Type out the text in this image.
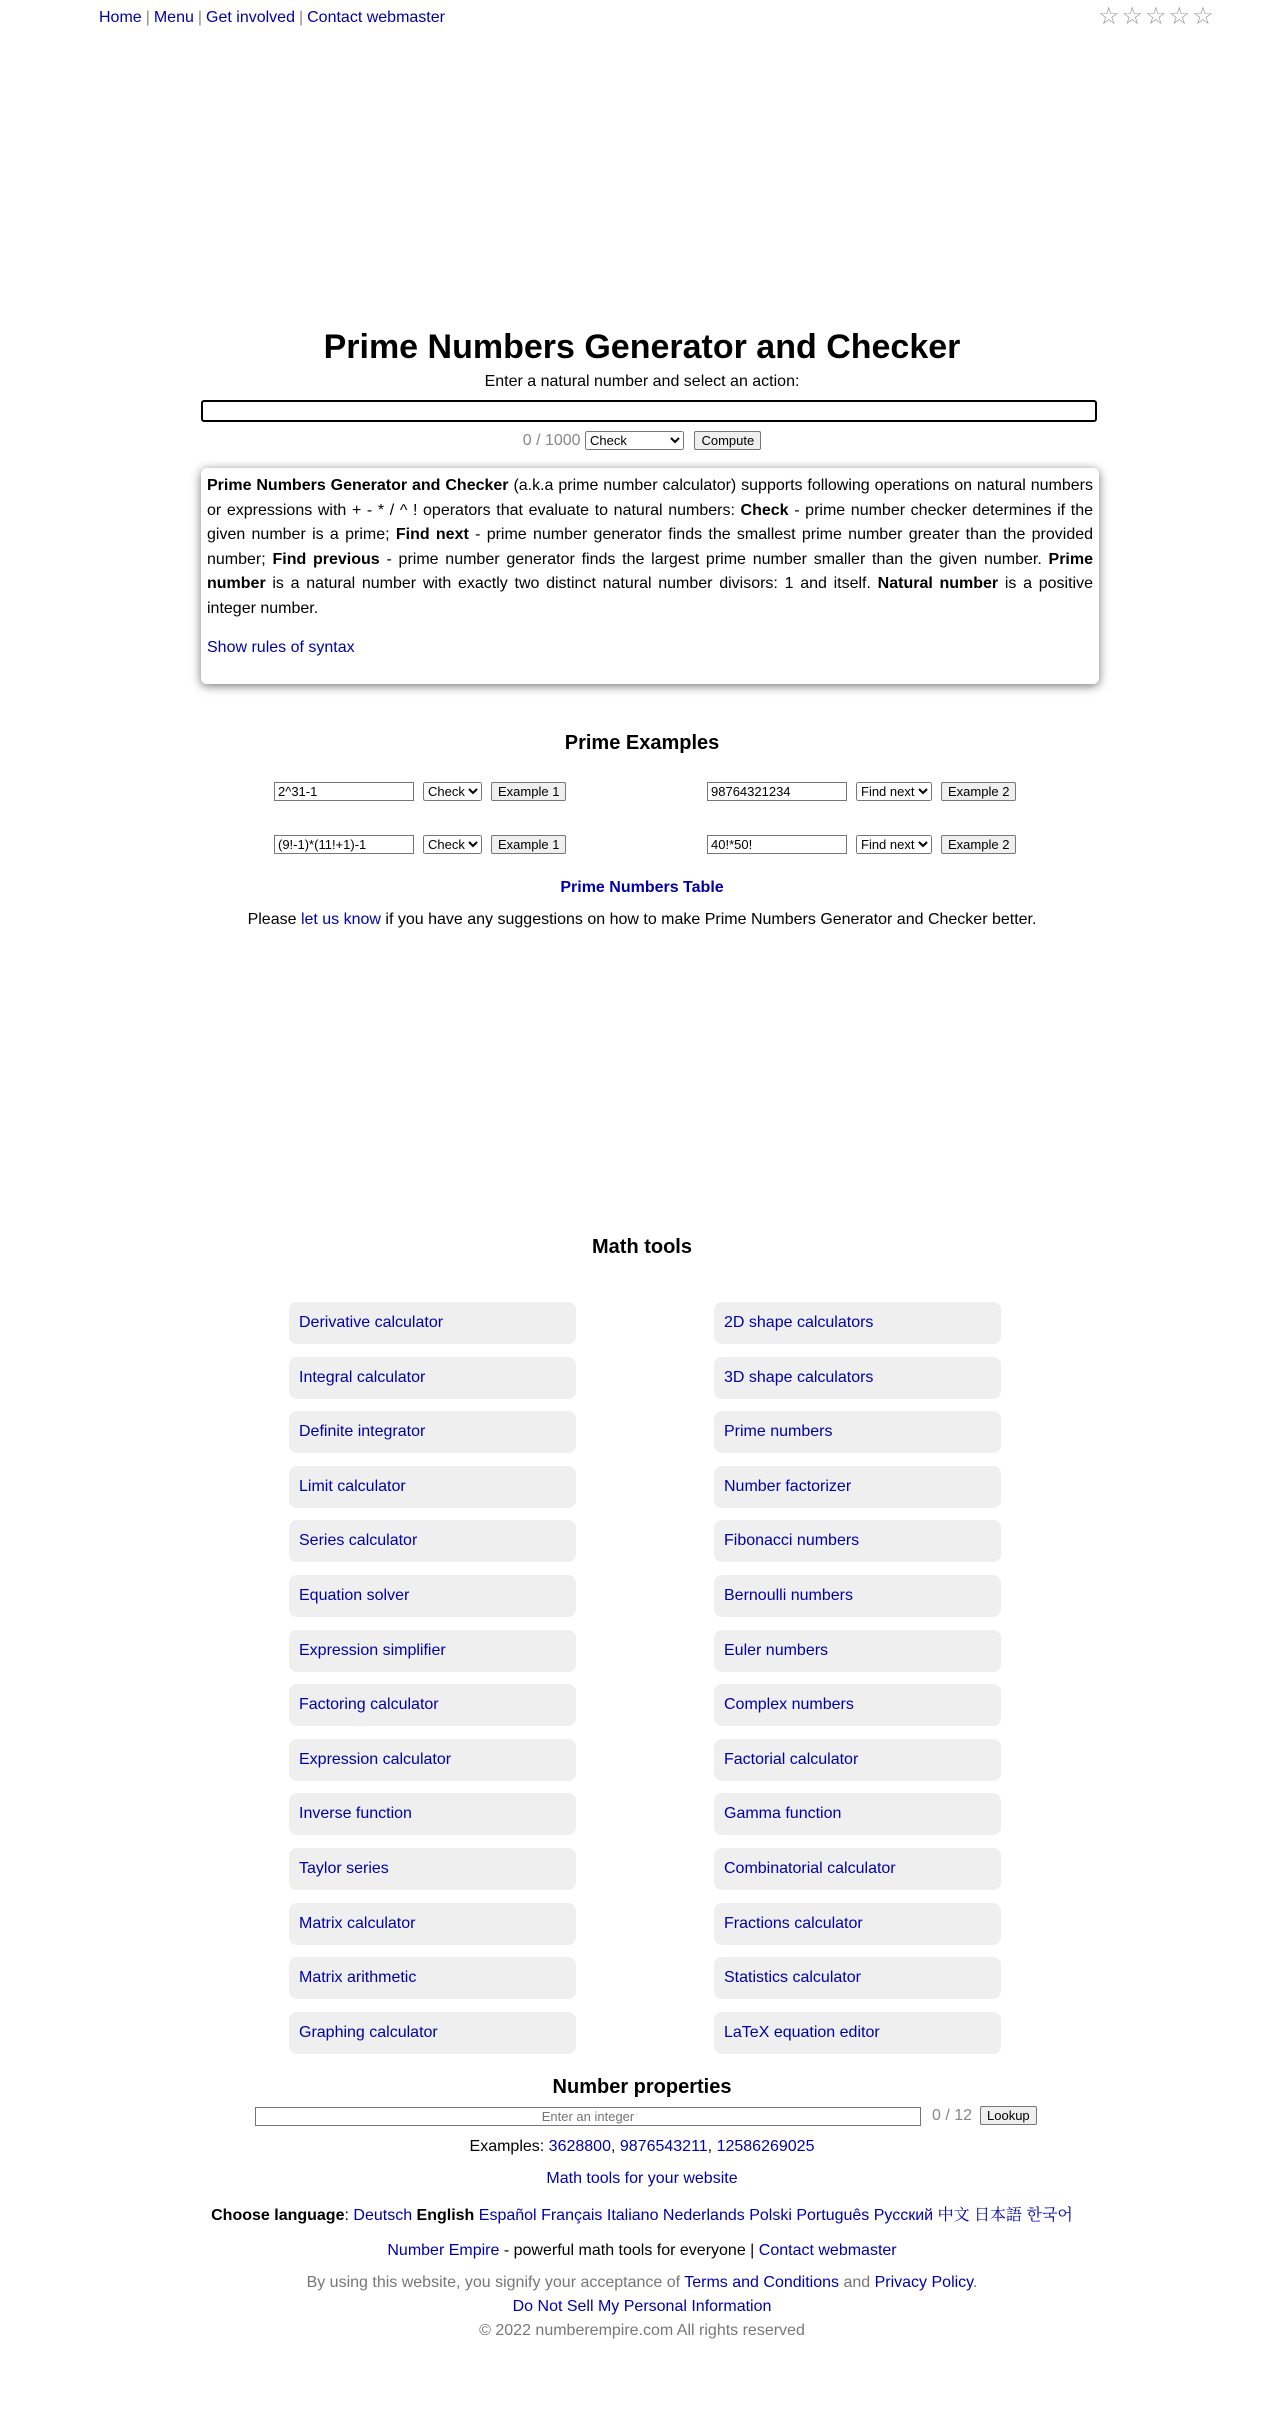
Home | Menu | Get involved | Contact webmaster	☆☆☆☆☆
Prime Numbers Generator and Checker
Enter a natural number and select an action:
0 / 1000
Check	Compute

Prime Numbers Generator and Checker (a.k.a prime number calculator) supports following operations on natural numbers or expressions with + - * / ^ ! operators that evaluate to natural numbers: Check - prime number checker determines if the given number is a prime; Find next - prime number generator finds the smallest prime number greater than the provided number; Find previous - prime number generator finds the largest prime number smaller than the given number. Prime number is a natural number with exactly two distinct natural number divisors: 1 and itself. Natural number is a positive integer number.

Show rules of syntax
Prime Examples
2^31-1
Check
Example 1
98764321234
Find next	Example 2
(9!-1)*(11!+1)-1
Check
Example 1
40!*50!
Find next	Example 2
Prime Numbers Table
Please let us know if you have any suggestions on how to make Prime Numbers Generator and Checker better.
Math tools
Derivative calculator
Integral calculator
Definite integrator
Limit calculator
Series calculator
Equation solver
Expression simplifier
Factoring calculator
Expression calculator
Inverse function
Taylor series
Matrix calculator
Matrix arithmetic
Graphing calculator
2D shape calculators
3D shape calculators
Prime numbers
Number factorizer
Fibonacci numbers
Bernoulli numbers
Euler numbers
Complex numbers
Factorial calculator
Gamma function
Combinatorial calculator
Fractions calculator
Statistics calculator
LaTeX equation editor
Number properties
Enter an integer
0 / 12	Lookup
Examples: 3628800, 9876543211, 12586269025
Math tools for your website
Choose language: Deutsch English Español Français Italiano Nederlands Polski Português Русский 中文 日本語 한국어
Number Empire - powerful math tools for everyone | Contact webmaster
By using this website, you signify your acceptance of Terms and Conditions and Privacy Policy.
Do Not Sell My Personal Information
© 2022 numberempire.com All rights reserved
